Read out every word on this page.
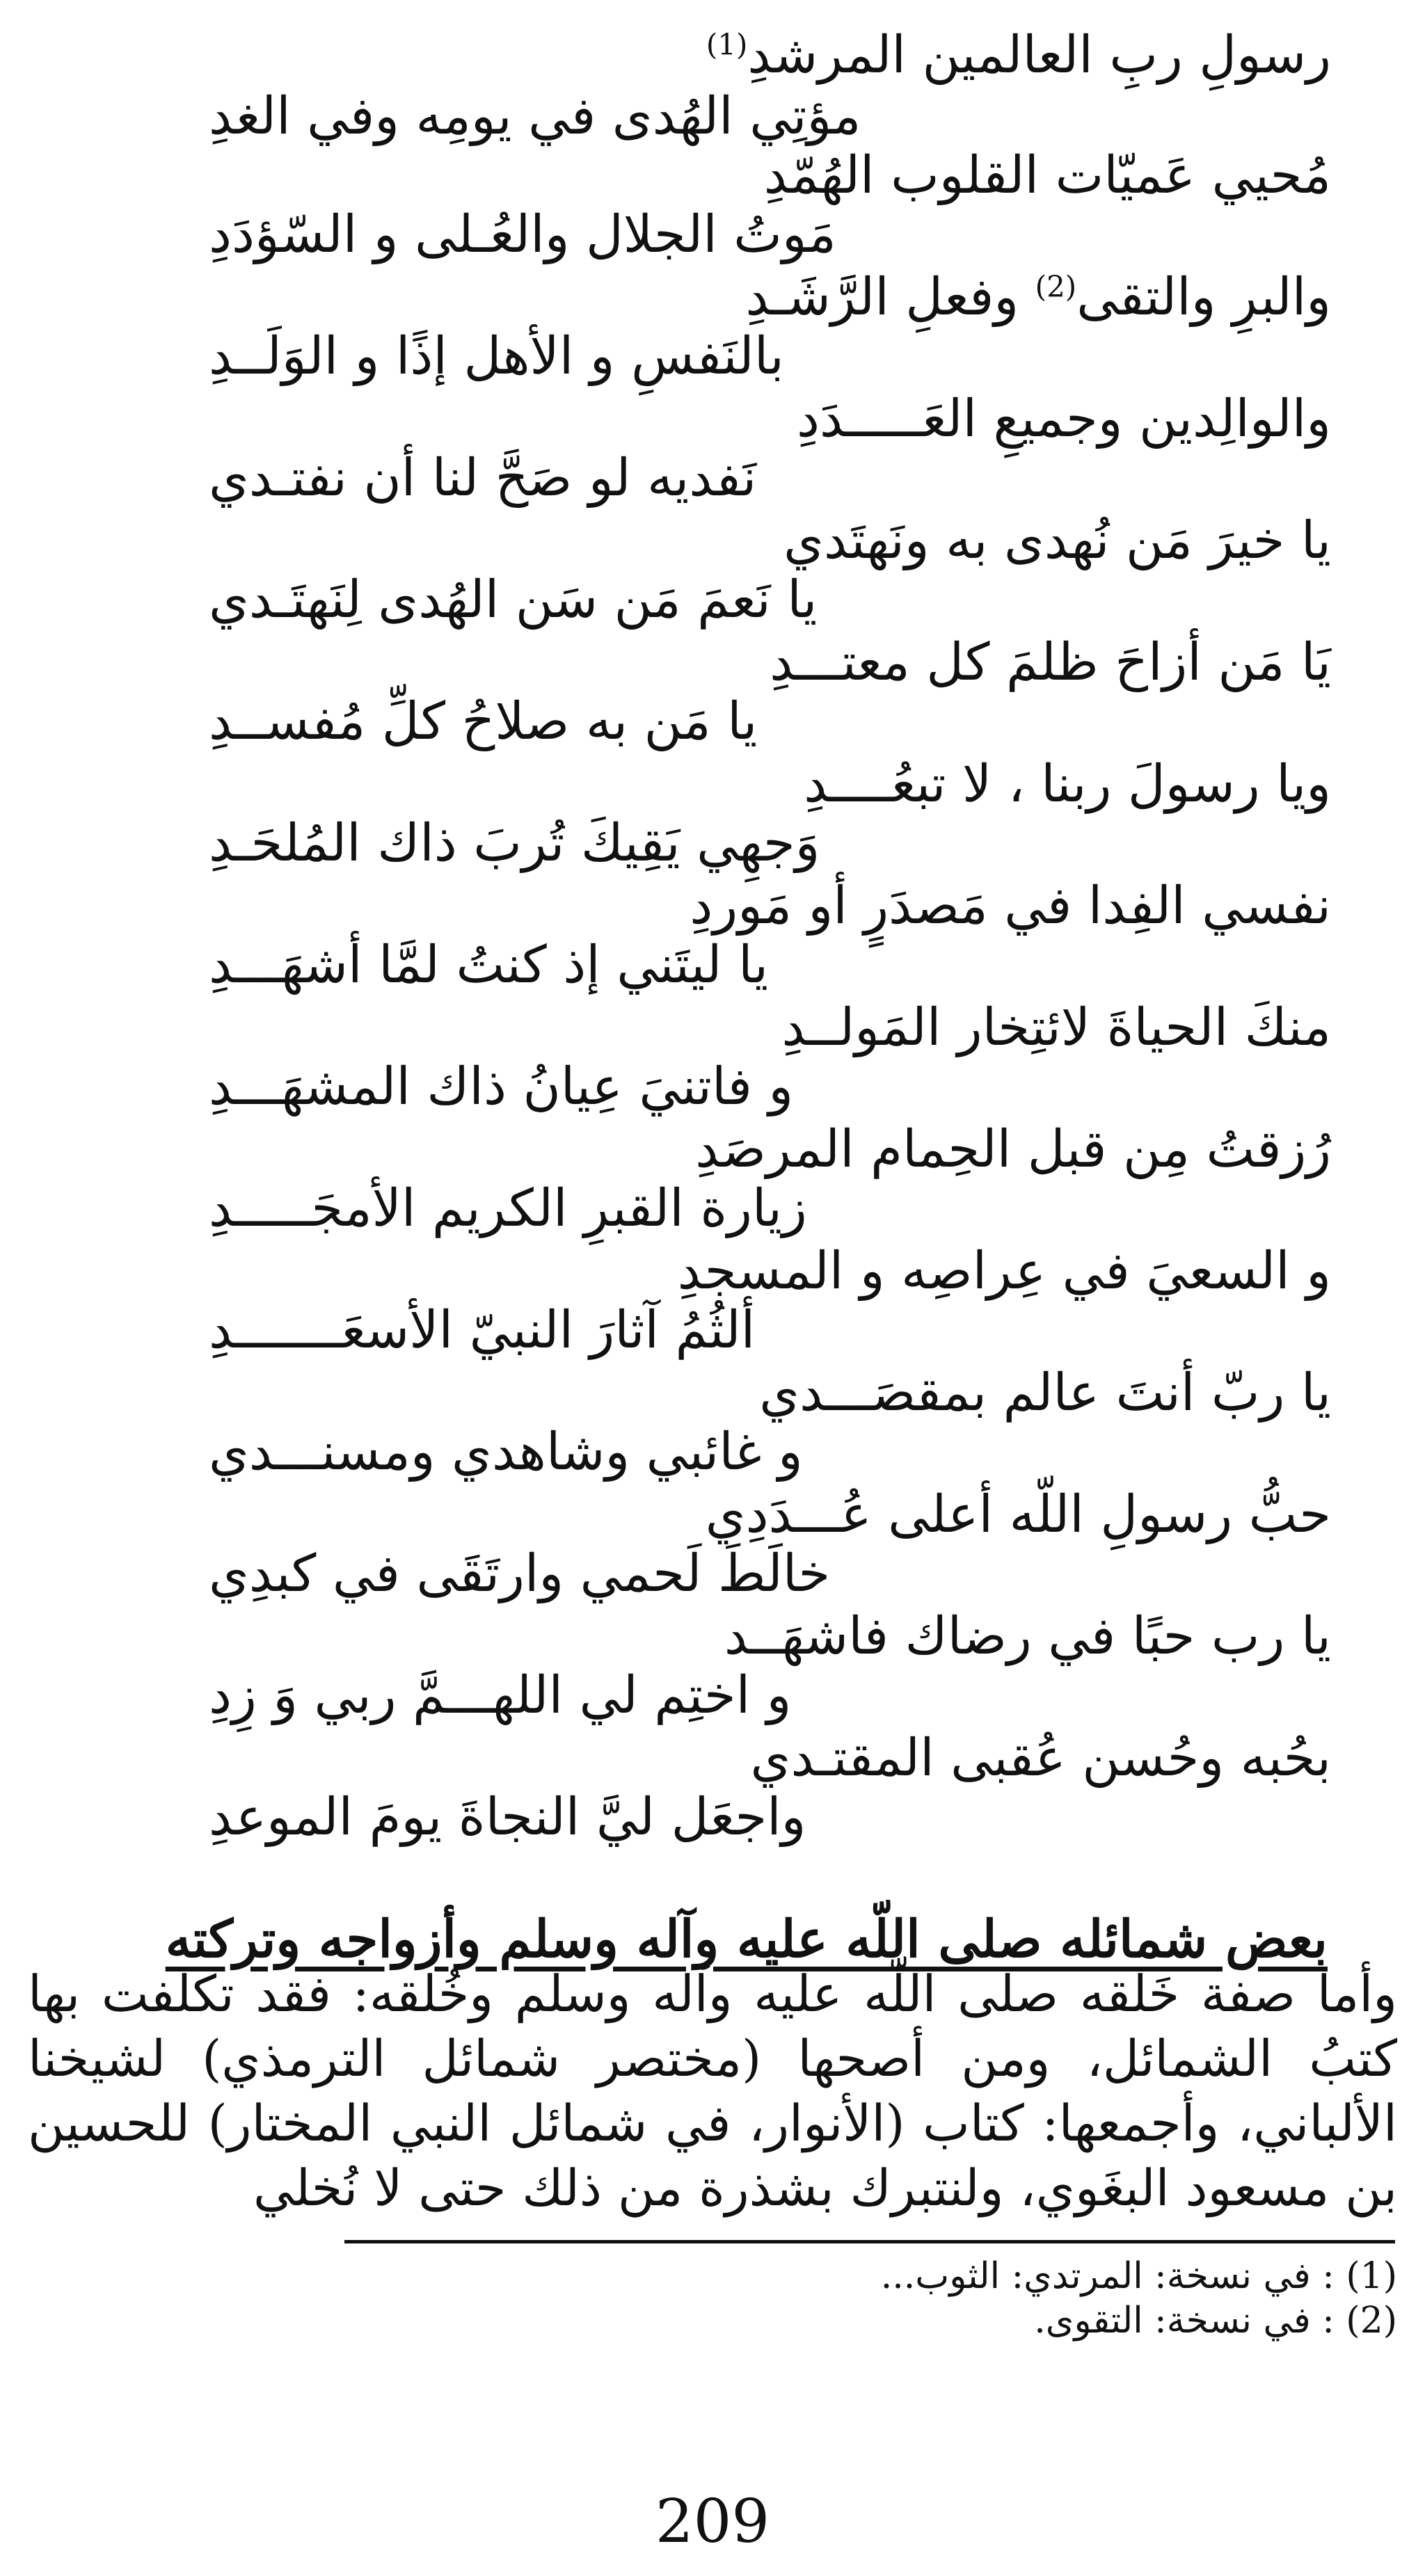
رسولِ ربِ العالمين المرشدِ$^{(1)}$
مؤتِي الهُدى في يومِه وفي الغدِ
مُحيي عَميّات القلوب الهُمّدِ
مَوتُ الجلال والعُـلى و السّؤدَدِ
والبرِ والتقى$^{(2)}$ وفعلِ الرَّشَـدِ
بالنَفسِ و الأهل إذًا و الوَلَــدِ
والوالِدين وجميعِ العَـــــدَدِ
نَفديه لو صَحَّ لنا أن نفتـدي
يا خيرَ مَن نُهدى به ونَهتَدي
يا نَعمَ مَن سَن الهُدى لِنَهتَـدي
يَا مَن أزاحَ ظلمَ كل معتـــدِ
يا مَن به صلاحُ كلِّ مُفســدِ
ويا رسولَ ربنا ، لا تبعُــــدِ
وَجهِي يَقِيكَ تُربَ ذاك المُلحَـدِ
نفسي الفِدا في مَصدَرٍ أو مَوردِ
يا ليتَني إذ كنتُ لمَّا أشهَـــدِ
منكَ الحياةَ لائتِخار المَولــدِ
و فاتنيَ عِيانُ ذاك المشهَـــدِ
رُزقتُ مِن قبل الحِمام المرصَدِ
زيارة القبرِ الكريم الأمجَـــــدِ
و السعيَ في عِراصِه و المسجدِ
ألثُمُ آثارَ النبيّ الأسعَـــــــدِ
يا ربّ أنتَ عالم بمقصَـــدي
و غائبي وشاهدي ومسنـــدي
حبُّ رسولِ اللّه أعلى عُـــدَدِي
خالَطَ لَحمي وارتَقَى في كبدِي
يا رب حبًا في رضاك فاشهَــد
و اختِم لي اللهـــمَّ ربي وَ زِدِ
بحُبه وحُسن عُقبى المقتـدي
واجعَل ليَّ النجاةَ يومَ الموعدِ
بعض شمائله صلى اللّه عليه وآله وسلم وأزواجه وتركته

وأما صفة خَلقه صلى اللّه عليه وآله وسلم وخُلقه: فقد تكلفت بها كتبُ الشمائل، ومن أصحها (مختصر شمائل الترمذي) لشيخنا الألباني، وأجمعها: كتاب (الأنوار، في شمائل النبي المختار) للحسين بن مسعود البغَوي، ولنتبرك بشذرة من ذلك حتى لا نُخلي

(1) : في نسخة: المرتدي: الثوب...
(2) : في نسخة: التقوى.
209
